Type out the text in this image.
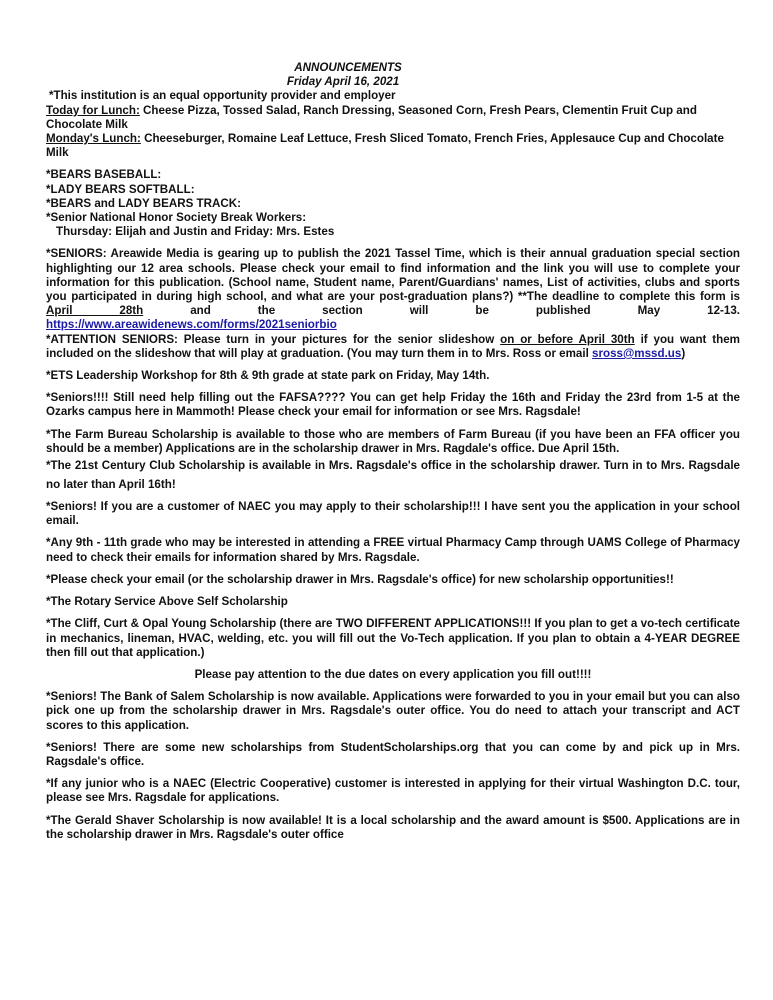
ANNOUNCEMENTS

Friday April 16, 2021

*This institution is an equal opportunity provider and employer

Today for Lunch: Cheese Pizza, Tossed Salad, Ranch Dressing, Seasoned Corn, Fresh Pears, Clementin Fruit Cup and Chocolate Milk

Monday's Lunch: Cheeseburger, Romaine Leaf Lettuce, Fresh Sliced Tomato, French Fries, Applesauce Cup and Chocolate Milk

*BEARS BASEBALL:

*LADY BEARS SOFTBALL:

*BEARS and LADY BEARS TRACK:

*Senior National Honor Society Break Workers:

Thursday: Elijah and Justin and Friday: Mrs. Estes

*SENIORS: Areawide Media is gearing up to publish the 2021 Tassel Time, which is their annual graduation special section highlighting our 12 area schools. Please check your email to find information and the link you will use to complete your information for this publication. (School name, Student name, Parent/Guardians' names, List of activities, clubs and sports you participated in during high school, and what are your post-graduation plans?) **The deadline to complete this form is April 28th and the section will be published May 12-13.

https://www.areawidenews.com/forms/2021seniorbio

*ATTENTION SENIORS: Please turn in your pictures for the senior slideshow on or before April 30th if you want them included on the slideshow that will play at graduation. (You may turn them in to Mrs. Ross or email sross@mssd.us)

*ETS Leadership Workshop for 8th & 9th grade at state park on Friday, May 14th.

*Seniors!!!! Still need help filling out the FAFSA???? You can get help Friday the 16th and Friday the 23rd from 1-5 at the Ozarks campus here in Mammoth! Please check your email for information or see Mrs. Ragsdale!

*The Farm Bureau Scholarship is available to those who are members of Farm Bureau (if you have been an FFA officer you should be a member) Applications are in the scholarship drawer in Mrs. Ragdale's office. Due April 15th.

*The 21st Century Club Scholarship is available in Mrs. Ragsdale's office in the scholarship drawer. Turn in to Mrs. Ragsdale no later than April 16th!

*Seniors! If you are a customer of NAEC you may apply to their scholarship!!! I have sent you the application in your school email.

*Any 9th - 11th grade who may be interested in attending a FREE virtual Pharmacy Camp through UAMS College of Pharmacy need to check their emails for information shared by Mrs. Ragsdale.

*Please check your email (or the scholarship drawer in Mrs. Ragsdale's office) for new scholarship opportunities!!

*The Rotary Service Above Self Scholarship

*The Cliff, Curt & Opal Young Scholarship (there are TWO DIFFERENT APPLICATIONS!!! If you plan to get a vo-tech certificate in mechanics, lineman, HVAC, welding, etc. you will fill out the Vo-Tech application. If you plan to obtain a 4-YEAR DEGREE then fill out that application.)

Please pay attention to the due dates on every application you fill out!!!!

*Seniors! The Bank of Salem Scholarship is now available. Applications were forwarded to you in your email but you can also pick one up from the scholarship drawer in Mrs. Ragsdale's outer office. You do need to attach your transcript and ACT scores to this application.

*Seniors! There are some new scholarships from StudentScholarships.org that you can come by and pick up in Mrs. Ragsdale's office.

*If any junior who is a NAEC (Electric Cooperative) customer is interested in applying for their virtual Washington D.C. tour, please see Mrs. Ragsdale for applications.

*The Gerald Shaver Scholarship is now available! It is a local scholarship and the award amount is $500. Applications are in the scholarship drawer in Mrs. Ragsdale's outer office
